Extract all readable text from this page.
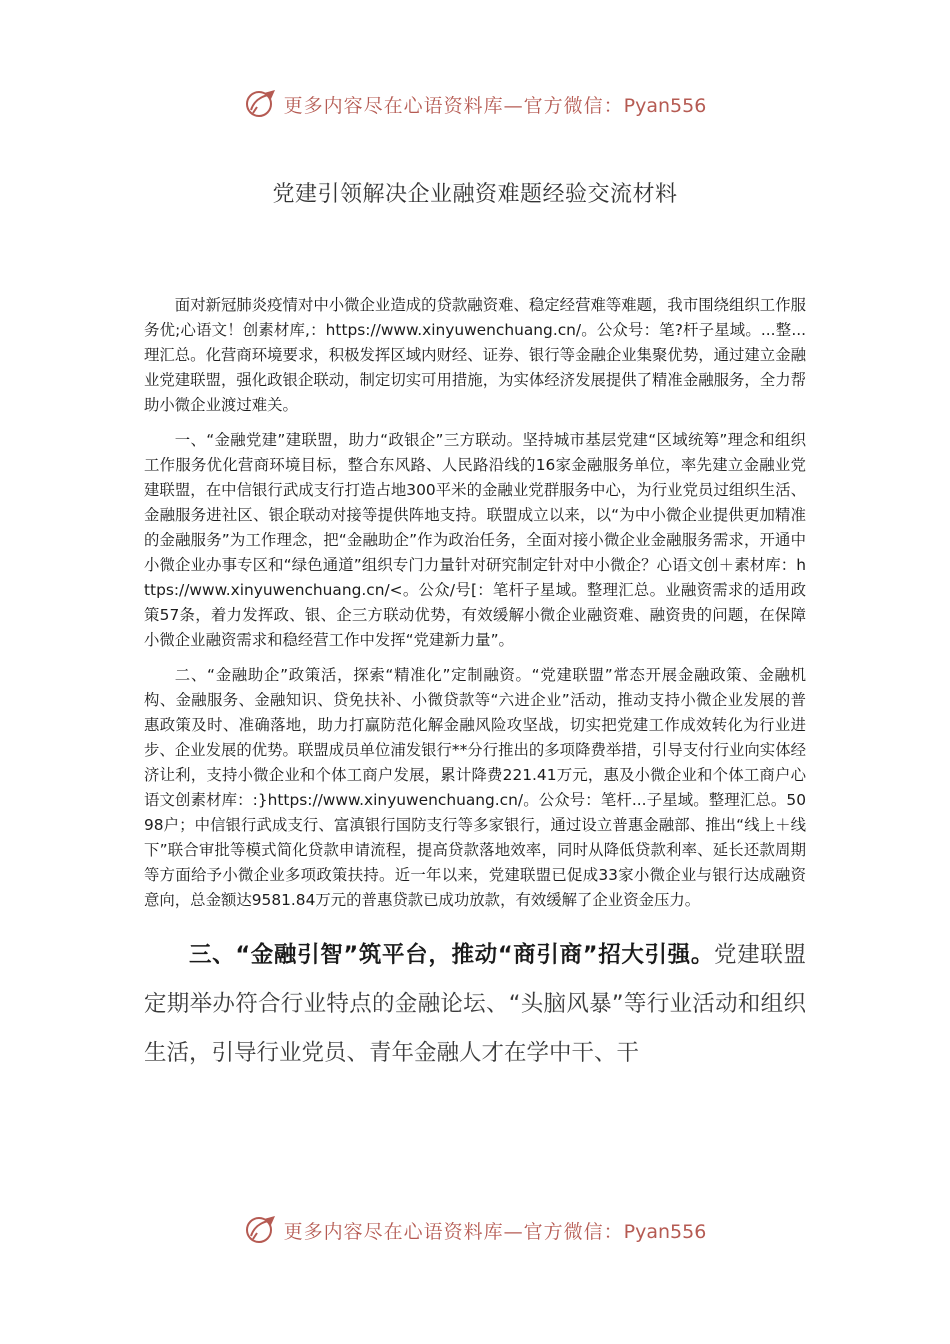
更多内容尽在心语资料库—官方微信：Pyan556
党建引领解决企业融资难题经验交流材料

面对新冠肺炎疫情对中小微企业造成的贷款融资难、稳定经营难等难题，我市围绕组织工作服务优;心语文！创素材库,：https://www.xinyuwenchuang.cn/。公众号：笔?杆子星域。...整...理汇总。化营商环境要求，积极发挥区域内财经、证券、银行等金融企业集聚优势，通过建立金融业党建联盟，强化政银企联动，制定切实可用措施，为实体经济发展提供了精准金融服务，全力帮助小微企业渡过难关。

一、“金融党建”建联盟，助力“政银企”三方联动。坚持城市基层党建“区域统筹”理念和组织工作服务优化营商环境目标，整合东风路、人民路沿线的16家金融服务单位，率先建立金融业党建联盟，在中信银行武成支行打造占地300平米的金融业党群服务中心，为行业党员过组织生活、金融服务进社区、银企联动对接等提供阵地支持。联盟成立以来，以“为中小微企业提供更加精准的金融服务”为工作理念，把“金融助企”作为政治任务，全面对接小微企业金融服务需求，开通中小微企业办事专区和“绿色通道”组织专门力量针对研究制定针对中小微企？心语文创＋素材库：https://www.xinyuwenchuang.cn/<。公众/号[：笔杆子星域。整理汇总。业融资需求的适用政策57条，着力发挥政、银、企三方联动优势，有效缓解小微企业融资难、融资贵的问题，在保障小微企业融资需求和稳经营工作中发挥“党建新力量”。

二、“金融助企”政策活，探索“精准化”定制融资。“党建联盟”常态开展金融政策、金融机构、金融服务、金融知识、贷免扶补、小微贷款等“六进企业”活动，推动支持小微企业发展的普惠政策及时、准确落地，助力打赢防范化解金融风险攻坚战，切实把党建工作成效转化为行业进步、企业发展的优势。联盟成员单位浦发银行**分行推出的多项降费举措，引导支付行业向实体经济让利，支持小微企业和个体工商户发展，累计降费221.41万元，惠及小微企业和个体工商户心语文创素材库：:}https://www.xinyuwenchuang.cn/。公众号：笔杆...子星域。整理汇总。5098户；中信银行武成支行、富滇银行国防支行等多家银行，通过设立普惠金融部、推出“线上＋线下”联合审批等模式简化贷款申请流程，提高贷款落地效率，同时从降低贷款利率、延长还款周期等方面给予小微企业多项政策扶持。近一年以来，党建联盟已促成33家小微企业与银行达成融资意向，总金额达9581.84万元的普惠贷款已成功放款，有效缓解了企业资金压力。

三、“金融引智”筑平台，推动“商引商”招大引强。党建联盟定期举办符合行业特点的金融论坛、“头脑风暴”等行业活动和组织生活，引导行业党员、青年金融人才在学中干、干

更多内容尽在心语资料库—官方微信：Pyan556
